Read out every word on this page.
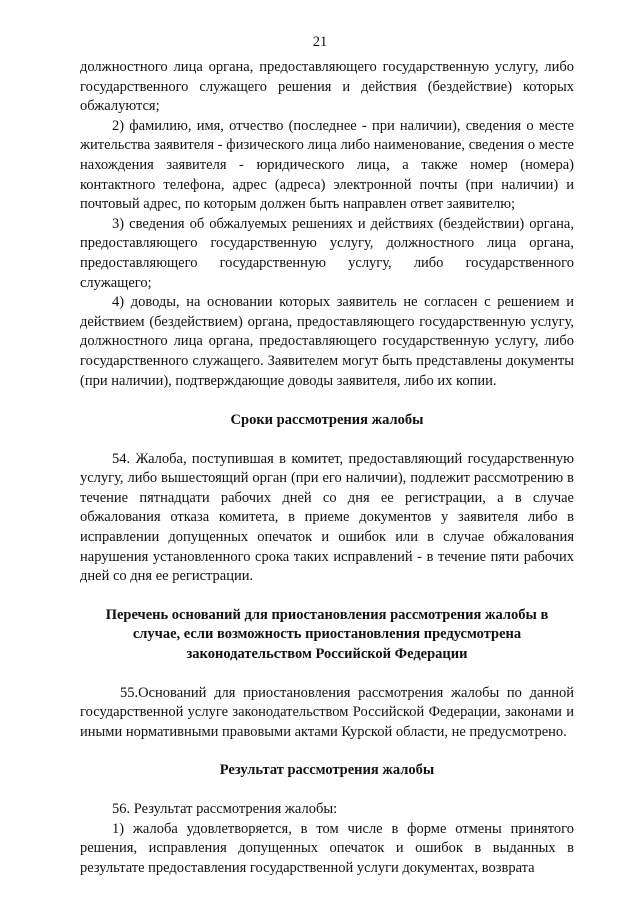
21

должностного лица органа, предоставляющего государственную услугу, либо государственного служащего решения и действия (бездействие) которых обжалуются;

2) фамилию, имя, отчество (последнее - при наличии), сведения о месте жительства заявителя - физического лица либо наименование, сведения о месте нахождения заявителя - юридического лица, а также номер (номера) контактного телефона, адрес (адреса) электронной почты (при наличии) и почтовый адрес, по которым должен быть направлен ответ заявителю;

3) сведения об обжалуемых решениях и действиях (бездействии) органа, предоставляющего государственную услугу, должностного лица органа, предоставляющего государственную услугу, либо государственного служащего;

4) доводы, на основании которых заявитель не согласен с решением и действием (бездействием) органа, предоставляющего государственную услугу, должностного лица органа, предоставляющего государственную услугу, либо государственного служащего. Заявителем могут быть представлены документы (при наличии), подтверждающие доводы заявителя, либо их копии.

Сроки рассмотрения жалобы

54. Жалоба, поступившая в комитет, предоставляющий государственную услугу, либо вышестоящий орган (при его наличии), подлежит рассмотрению в течение пятнадцати рабочих дней со дня ее регистрации, а в случае обжалования отказа комитета, в приеме документов у заявителя либо в исправлении допущенных опечаток и ошибок или в случае обжалования нарушения установленного срока таких исправлений - в течение пяти рабочих дней со дня ее регистрации.

Перечень оснований для приостановления рассмотрения жалобы в случае, если возможность приостановления предусмотрена законодательством Российской Федерации

55.Оснований для приостановления рассмотрения жалобы по данной государственной услуге законодательством Российской Федерации, законами и иными нормативными правовыми актами Курской области, не предусмотрено.

Результат рассмотрения жалобы

56. Результат рассмотрения жалобы:

1) жалоба удовлетворяется, в том числе в форме отмены принятого решения, исправления допущенных опечаток и ошибок в выданных в результате предоставления государственной услуги документах, возврата
